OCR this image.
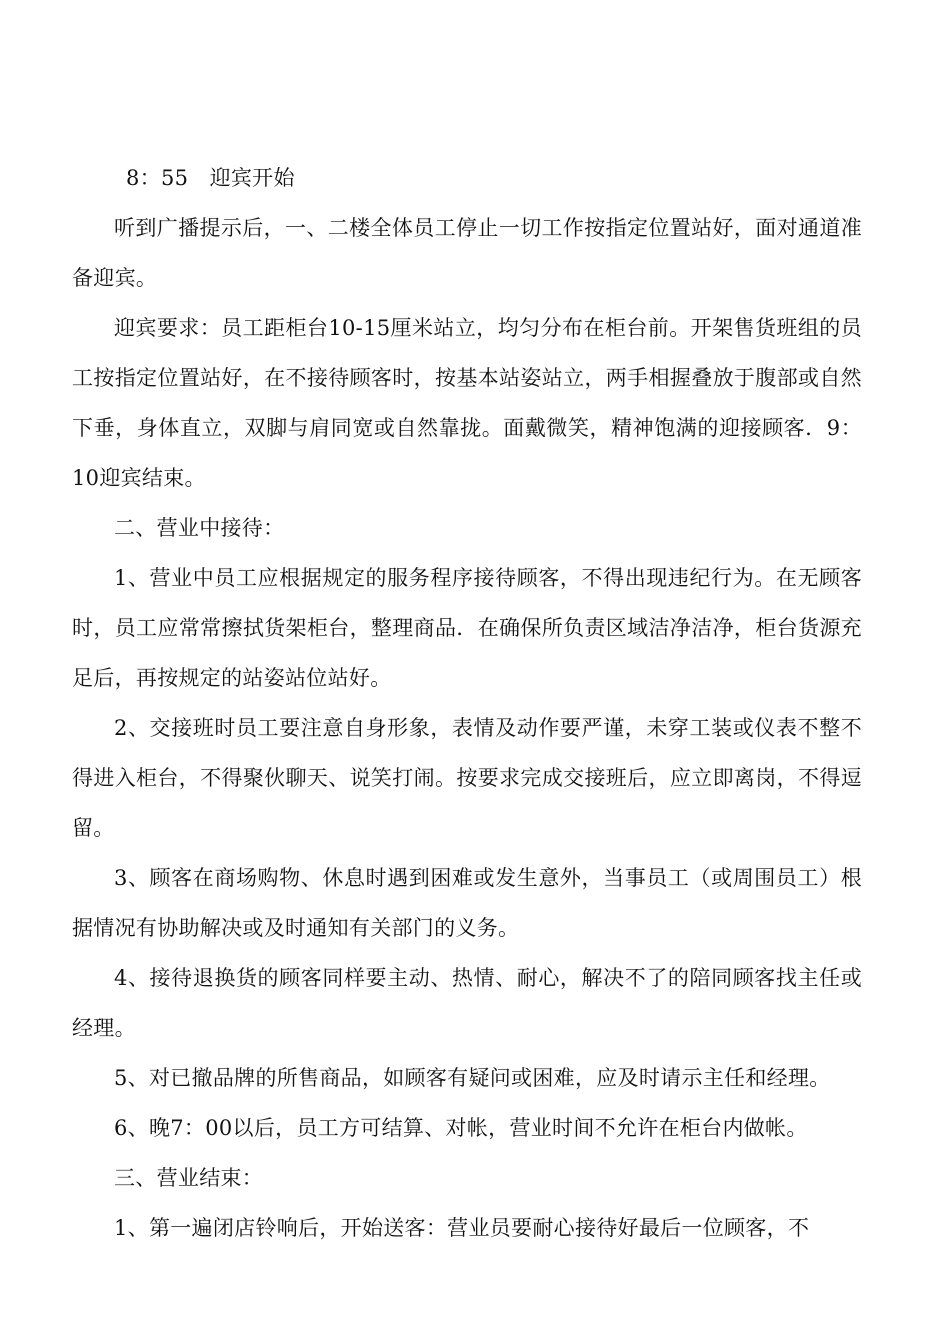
8：55　迎宾开始

听到广播提示后，一、二楼全体员工停止一切工作按指定位置站好，面对通道准备迎宾。

迎宾要求：员工距柜台10-15厘米站立，均匀分布在柜台前。开架售货班组的员工按指定位置站好，在不接待顾客时，按基本站姿站立，两手相握叠放于腹部或自然下垂，身体直立，双脚与肩同宽或自然靠拢。面戴微笑，精神饱满的迎接顾客．9：10迎宾结束。

二、营业中接待：

1、营业中员工应根据规定的服务程序接待顾客，不得出现违纪行为。在无顾客时，员工应常常擦拭货架柜台，整理商品．在确保所负责区域洁净洁净，柜台货源充足后，再按规定的站姿站位站好。

2、交接班时员工要注意自身形象，表情及动作要严谨，未穿工装或仪表不整不得进入柜台，不得聚伙聊天、说笑打闹。按要求完成交接班后，应立即离岗，不得逗留。

3、顾客在商场购物、休息时遇到困难或发生意外，当事员工（或周围员工）根据情况有协助解决或及时通知有关部门的义务。

4、接待退换货的顾客同样要主动、热情、耐心，解决不了的陪同顾客找主任或经理。

5、对已撤品牌的所售商品，如顾客有疑问或困难，应及时请示主任和经理。

6、晚7：00以后，员工方可结算、对帐，营业时间不允许在柜台内做帐。

三、营业结束：

1、第一遍闭店铃响后，开始送客：营业员要耐心接待好最后一位顾客，不
